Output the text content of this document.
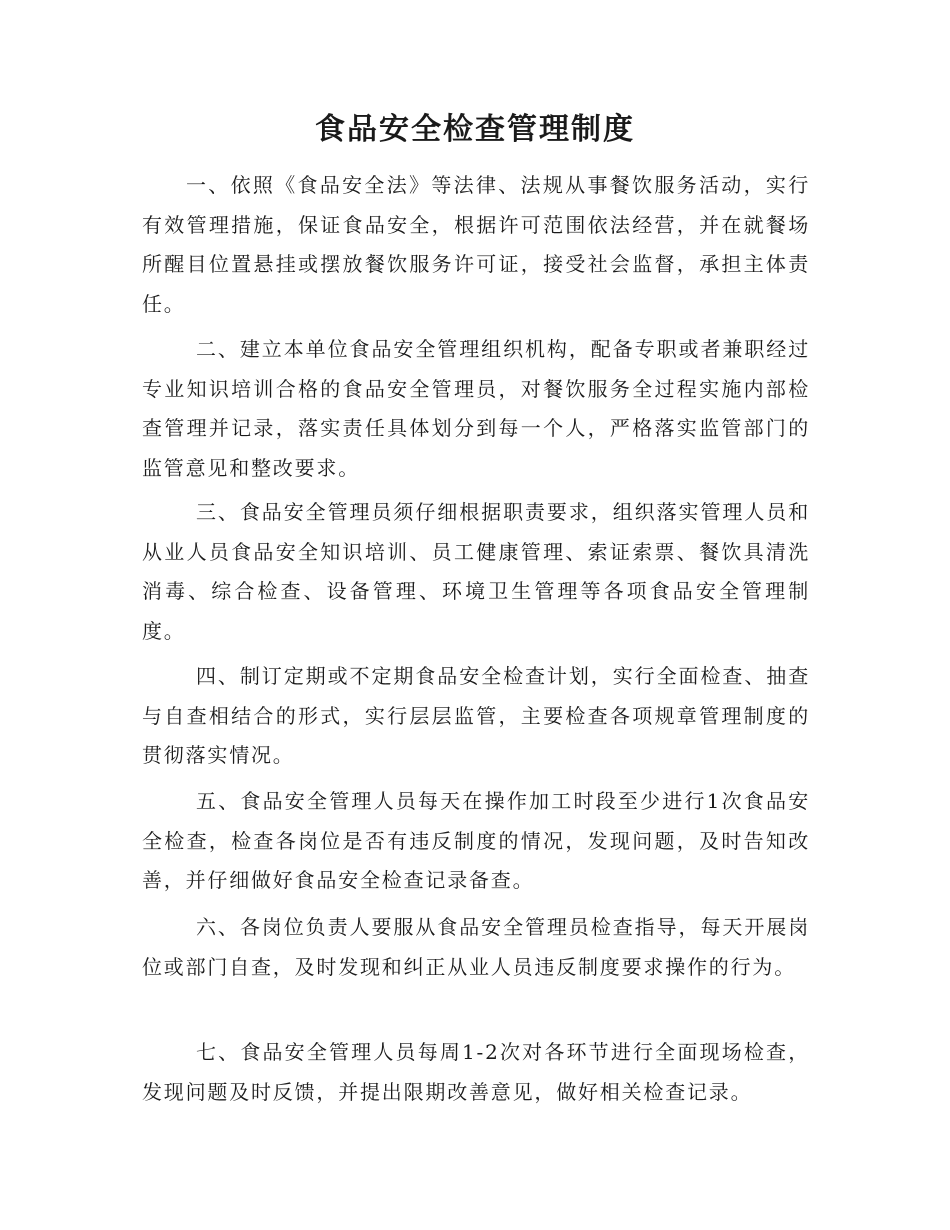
食品安全检查管理制度

一、依照《食品安全法》等法律、法规从事餐饮服务活动，实行有效管理措施，保证食品安全，根据许可范围依法经营，并在就餐场所醒目位置悬挂或摆放餐饮服务许可证，接受社会监督，承担主体责任。

二、建立本单位食品安全管理组织机构，配备专职或者兼职经过专业知识培训合格的食品安全管理员，对餐饮服务全过程实施内部检查管理并记录，落实责任具体划分到每一个人，严格落实监管部门的监管意见和整改要求。

三、食品安全管理员须仔细根据职责要求，组织落实管理人员和从业人员食品安全知识培训、员工健康管理、索证索票、餐饮具清洗消毒、综合检查、设备管理、环境卫生管理等各项食品安全管理制度。

四、制订定期或不定期食品安全检查计划，实行全面检查、抽查与自查相结合的形式，实行层层监管，主要检查各项规章管理制度的贯彻落实情况。

五、食品安全管理人员每天在操作加工时段至少进行1次食品安全检查，检查各岗位是否有违反制度的情况，发现问题，及时告知改善，并仔细做好食品安全检查记录备查。

六、各岗位负责人要服从食品安全管理员检查指导，每天开展岗位或部门自查，及时发现和纠正从业人员违反制度要求操作的行为。

七、食品安全管理人员每周1-2次对各环节进行全面现场检查，发现问题及时反馈，并提出限期改善意见，做好相关检查记录。
